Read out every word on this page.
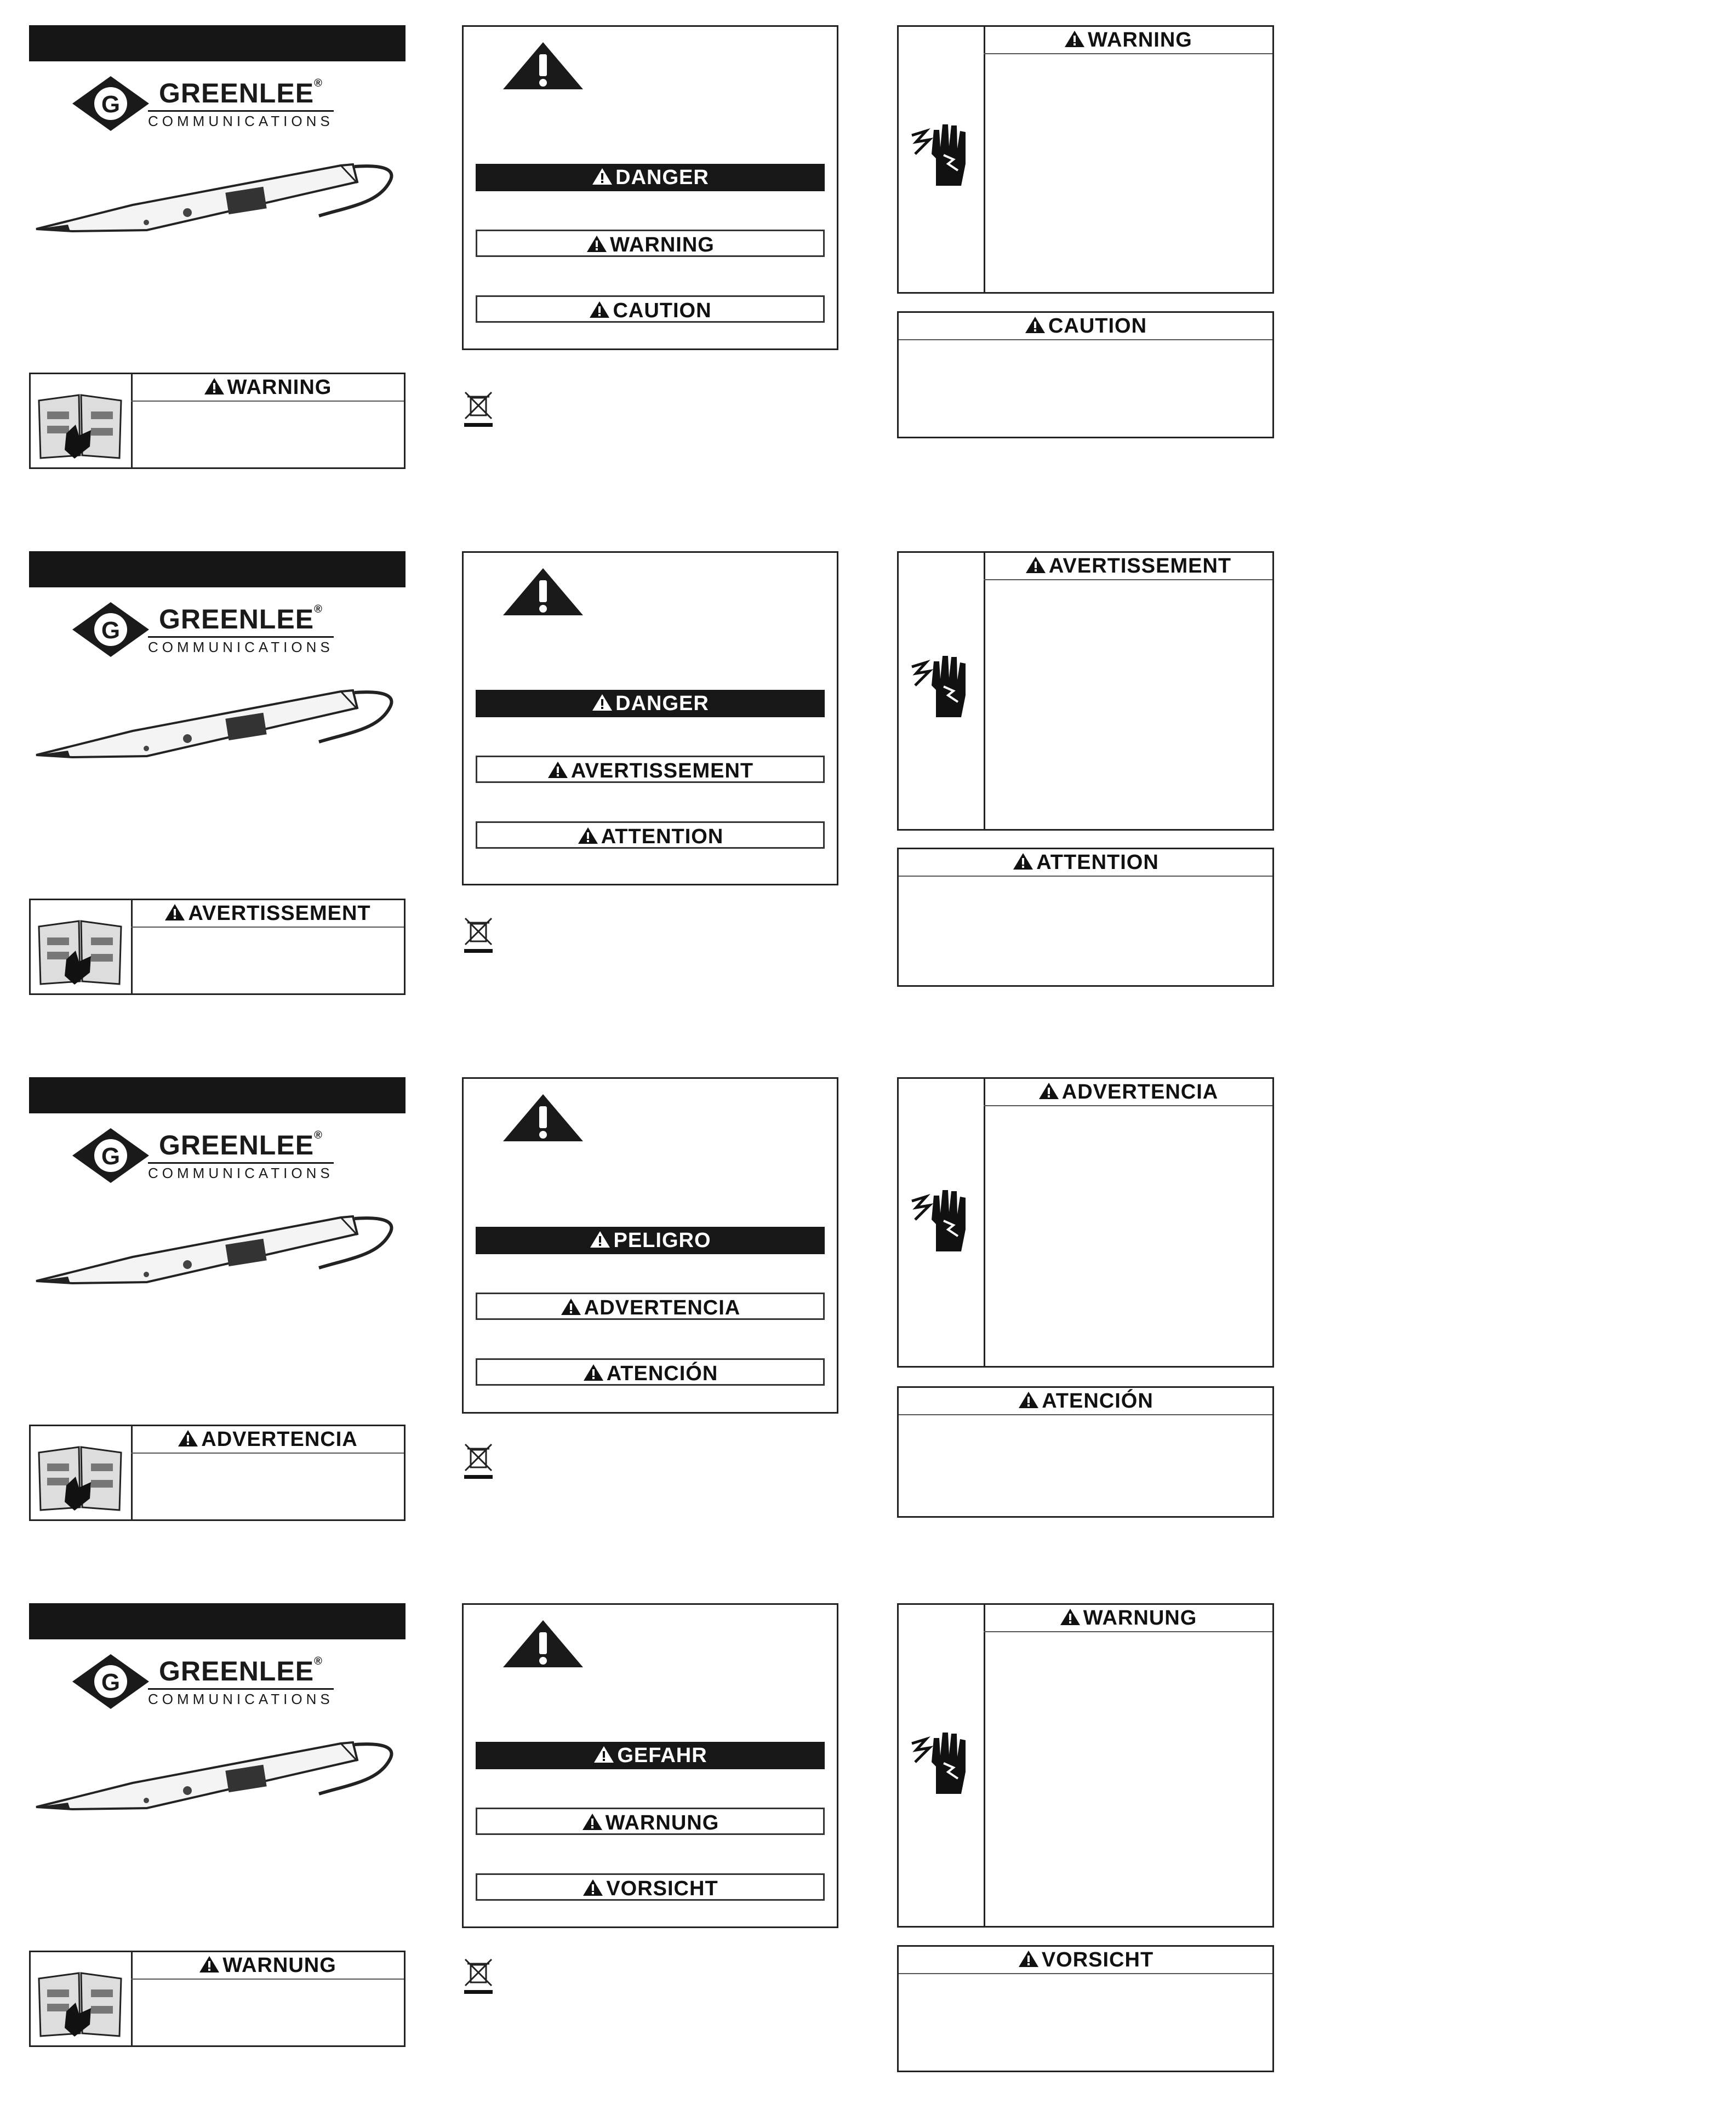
G GREENLEE®
COMMUNICATIONS
WARNING
DANGER
WARNING
CAUTION
WARNING
CAUTION
G GREENLEE®
COMMUNICATIONS
AVERTISSEMENT
DANGER
AVERTISSEMENT
ATTENTION
AVERTISSEMENT
ATTENTION
G GREENLEE®
COMMUNICATIONS
ADVERTENCIA
PELIGRO
ADVERTENCIA
ATENCIÓN
ADVERTENCIA
ATENCIÓN
G GREENLEE®
COMMUNICATIONS
WARNUNG
GEFAHR
WARNUNG
VORSICHT
WARNUNG
VORSICHT
